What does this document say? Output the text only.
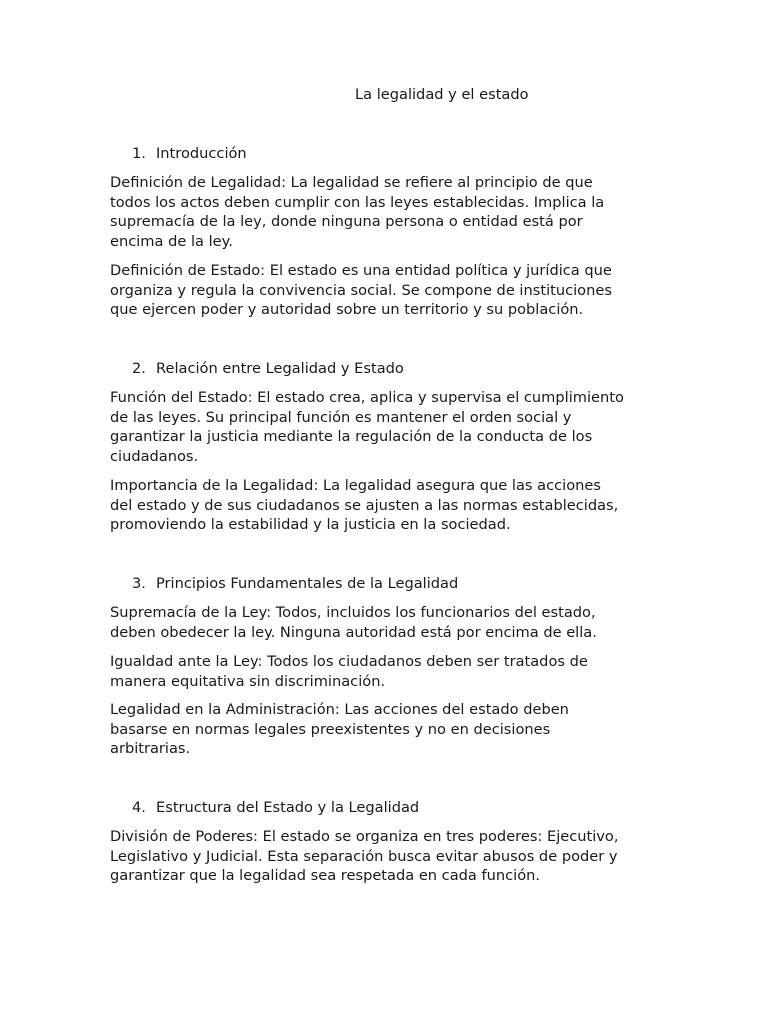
La legalidad y el estado
1. Introducción

Definición de Legalidad: La legalidad se refiere al principio de que
todos los actos deben cumplir con las leyes establecidas. Implica la
supremacía de la ley, donde ninguna persona o entidad está por
encima de la ley.

Definición de Estado: El estado es una entidad política y jurídica que
organiza y regula la convivencia social. Se compone de instituciones
que ejercen poder y autoridad sobre un territorio y su población.

2. Relación entre Legalidad y Estado

Función del Estado: El estado crea, aplica y supervisa el cumplimiento
de las leyes. Su principal función es mantener el orden social y
garantizar la justicia mediante la regulación de la conducta de los
ciudadanos.

Importancia de la Legalidad: La legalidad asegura que las acciones
del estado y de sus ciudadanos se ajusten a las normas establecidas,
promoviendo la estabilidad y la justicia en la sociedad.

3. Principios Fundamentales de la Legalidad

Supremacía de la Ley: Todos, incluidos los funcionarios del estado,
deben obedecer la ley. Ninguna autoridad está por encima de ella.

Igualdad ante la Ley: Todos los ciudadanos deben ser tratados de
manera equitativa sin discriminación.

Legalidad en la Administración: Las acciones del estado deben
basarse en normas legales preexistentes y no en decisiones
arbitrarias.

4. Estructura del Estado y la Legalidad

División de Poderes: El estado se organiza en tres poderes: Ejecutivo,
Legislativo y Judicial. Esta separación busca evitar abusos de poder y
garantizar que la legalidad sea respetada en cada función.
